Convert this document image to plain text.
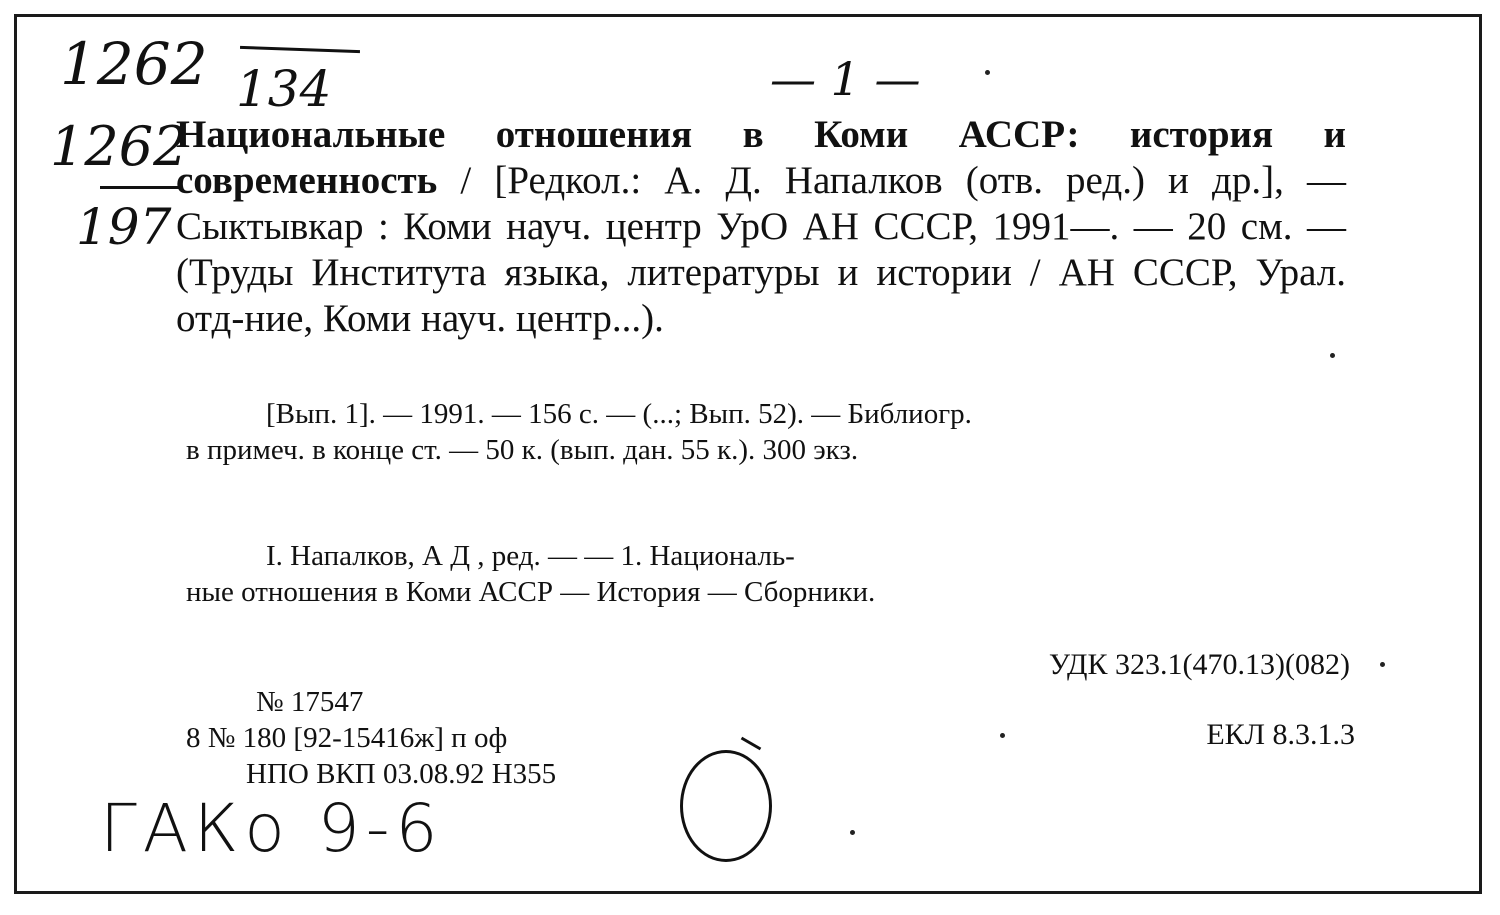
1262 134
1262
197
— 1 —
Национальные отношения в Коми АССР: история и современность / [Редкол.: А. Д. Напалков (отв. ред.) и др.], — Сыктывкар : Коми науч. центр УрО АН СССР, 1991—. — 20 см. — (Труды Института языка, литературы и истории / АН СССР, Урал. отд-ние, Коми науч. центр...).
[Вып. 1]. — 1991. — 156 с. — (...; Вып. 52). — Библиогр.
в примеч. в конце ст. — 50 к. (вып. дан. 55 к.). 300 экз.
I. Напалков, А Д , ред. — — 1. Националь-
ные отношения в Коми АССР — История — Сборники.
УДК 323.1(470.13)(082)
№ 17547
8 № 180 [92-15416ж] п оф
НПО ВКП 03.08.92 Н355
ЕКЛ 8.3.1.3
ГАКо 9-6
